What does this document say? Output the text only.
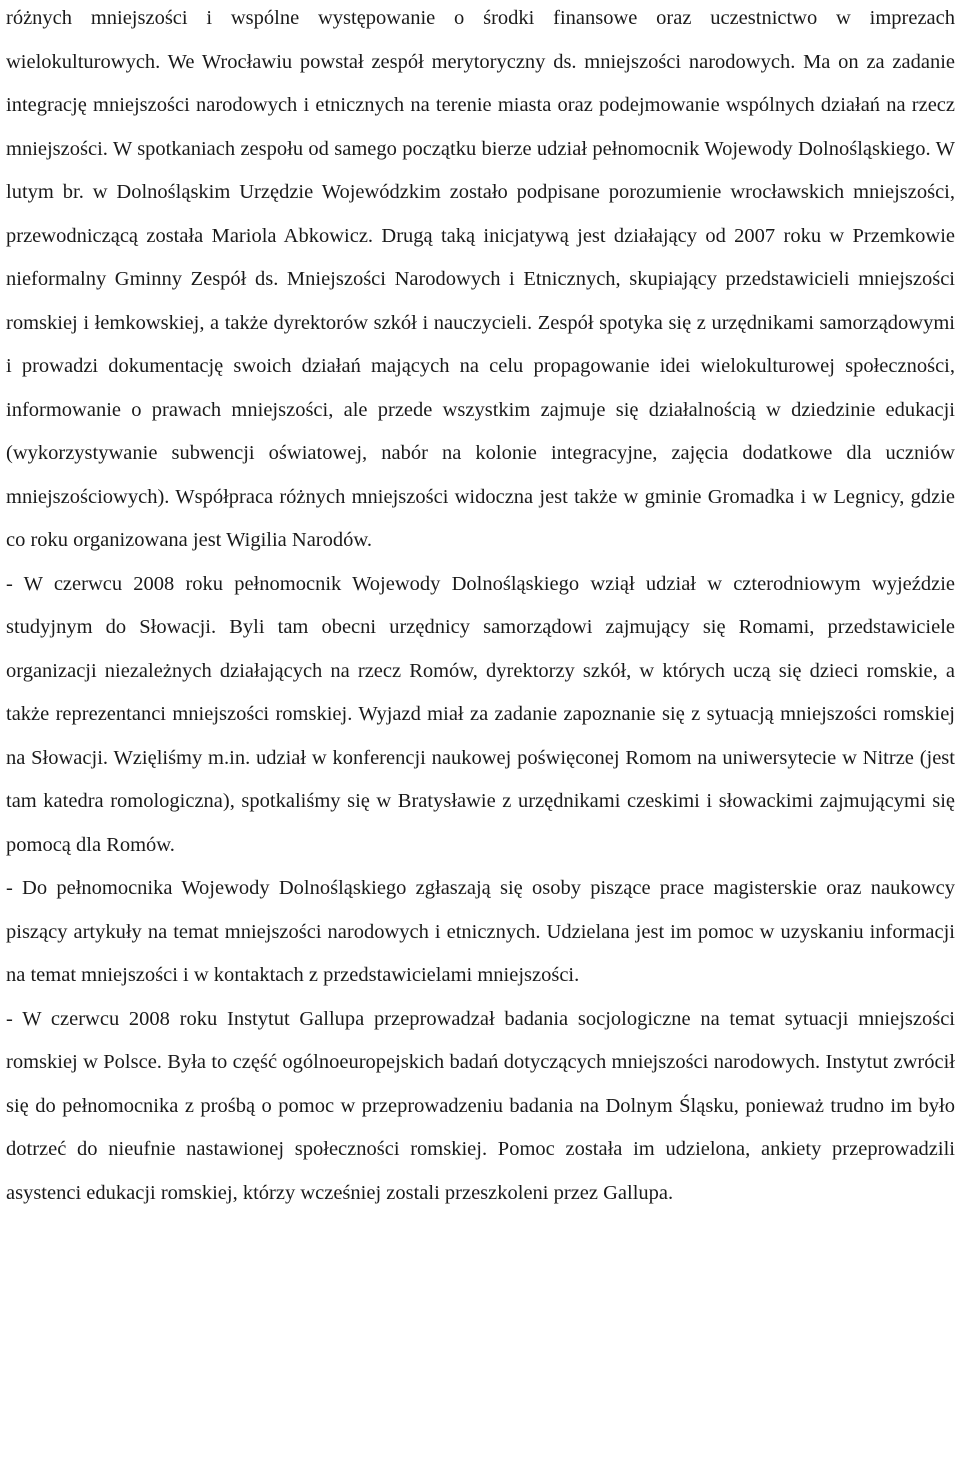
różnych mniejszości i wspólne występowanie o środki finansowe oraz uczestnictwo w imprezach wielokulturowych. We Wrocławiu powstał zespół merytoryczny ds. mniejszości narodowych. Ma on za zadanie integrację mniejszości narodowych i etnicznych na terenie miasta oraz podejmowanie wspólnych działań na rzecz mniejszości. W spotkaniach zespołu od samego początku bierze udział pełnomocnik Wojewody Dolnośląskiego. W lutym br. w Dolnośląskim Urzędzie Wojewódzkim zostało podpisane porozumienie wrocławskich mniejszości, przewodniczącą została Mariola Abkowicz. Drugą taką inicjatywą jest działający od 2007 roku w Przemkowie nieformalny Gminny Zespół ds. Mniejszości Narodowych i Etnicznych, skupiający przedstawicieli mniejszości romskiej i łemkowskiej, a także dyrektorów szkół i nauczycieli. Zespół spotyka się z urzędnikami samorządowymi i prowadzi dokumentację swoich działań mających na celu propagowanie idei wielokulturowej społeczności, informowanie o prawach mniejszości, ale przede wszystkim zajmuje się działalnością w dziedzinie edukacji (wykorzystywanie subwencji oświatowej, nabór na kolonie integracyjne, zajęcia dodatkowe dla uczniów mniejszościowych). Współpraca różnych mniejszości widoczna jest także w gminie Gromadka i w Legnicy, gdzie co roku organizowana jest Wigilia Narodów.

- W czerwcu 2008 roku pełnomocnik Wojewody Dolnośląskiego wziął udział w czterodniowym wyjeździe studyjnym do Słowacji. Byli tam obecni urzędnicy samorządowi zajmujący się Romami, przedstawiciele organizacji niezależnych działających na rzecz Romów, dyrektorzy szkół, w których uczą się dzieci romskie, a także reprezentanci mniejszości romskiej. Wyjazd miał za zadanie zapoznanie się z sytuacją mniejszości romskiej na Słowacji. Wzięliśmy m.in. udział w konferencji naukowej poświęconej Romom na uniwersytecie w Nitrze (jest tam katedra romologiczna), spotkaliśmy się w Bratysławie z urzędnikami czeskimi i słowackimi zajmującymi się pomocą dla Romów.

- Do pełnomocnika Wojewody Dolnośląskiego zgłaszają się osoby piszące prace magisterskie oraz naukowcy piszący artykuły na temat mniejszości narodowych i etnicznych. Udzielana jest im pomoc w uzyskaniu informacji na temat mniejszości i w kontaktach z przedstawicielami mniejszości.

- W czerwcu 2008 roku Instytut Gallupa przeprowadzał badania socjologiczne na temat sytuacji mniejszości romskiej w Polsce. Była to część ogólnoeuropejskich badań dotyczących mniejszości narodowych. Instytut zwrócił się do pełnomocnika z prośbą o pomoc w przeprowadzeniu badania na Dolnym Śląsku, ponieważ trudno im było dotrzeć do nieufnie nastawionej społeczności romskiej. Pomoc została im udzielona, ankiety przeprowadzili asystenci edukacji romskiej, którzy wcześniej zostali przeszkoleni przez Gallupa.
